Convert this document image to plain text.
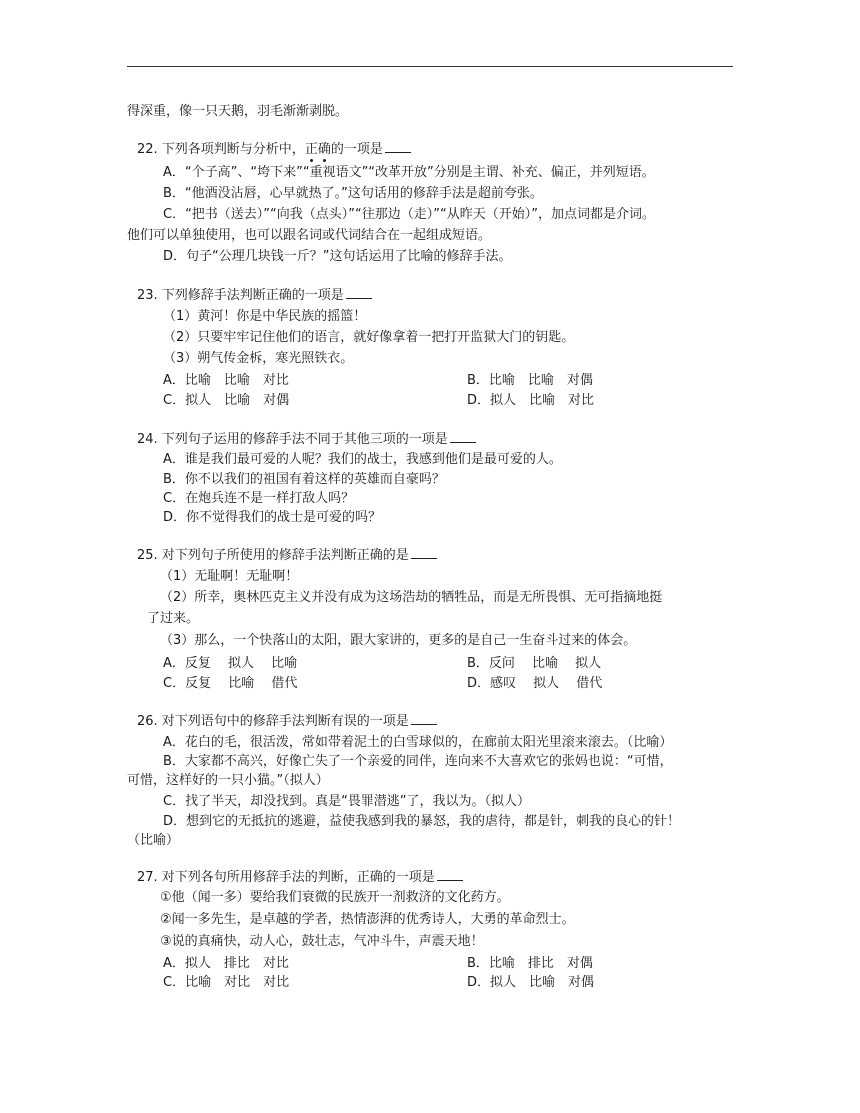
得深重，像一只天鹅，羽毛渐渐剥脱。
22. 下列各项判断与分析中，正确的一项是
A．“个子高”、“垮下来”“重视语文”“改革开放”分别是主谓、补充、偏正，并列短语。
B．“他酒没沾唇，心早就热了。”这句话用的修辞手法是超前夸张。
C．“把书（送去）”“向我（点头）”“往那边（走）”“从昨天（开始）”，加点词都是介词。
他们可以单独使用，也可以跟名词或代词结合在一起组成短语。
D．句子“公理几块钱一斤？”这句话运用了比喻的修辞手法。
23. 下列修辞手法判断正确的一项是
（1）黄河！你是中华民族的摇篮！
（2）只要牢牢记住他们的语言，就好像拿着一把打开监狱大门的钥匙。
（3）朔气传金柝，寒光照铁衣。
A．比喻　比喻　对比	B．比喻　比喻　对偶
C．拟人　比喻　对偶	D．拟人　比喻　对比
24. 下列句子运用的修辞手法不同于其他三项的一项是
A．谁是我们最可爱的人呢？我们的战士，我感到他们是最可爱的人。
B．你不以我们的祖国有着这样的英雄而自豪吗？
C．在炮兵连不是一样打敌人吗？
D．你不觉得我们的战士是可爱的吗？
25. 对下列句子所使用的修辞手法判断正确的是
（1）无耻啊！无耻啊！
（2）所幸，奥林匹克主义并没有成为这场浩劫的牺牲品，而是无所畏惧、无可指摘地挺
了过来。
（3）那么，一个快落山的太阳，跟大家讲的，更多的是自己一生奋斗过来的体会。
A．反复　 拟人　 比喻	B．反问　 比喻　 拟人
C．反复　 比喻　 借代	D．感叹　 拟人　 借代
26. 对下列语句中的修辞手法判断有误的一项是
A．花白的毛，很活泼，常如带着泥土的白雪球似的，在廊前太阳光里滚来滚去。（比喻）
B．大家都不高兴，好像亡失了一个亲爱的同伴，连向来不大喜欢它的张妈也说：“可惜，
可惜，这样好的一只小猫。”（拟人）
C．找了半天，却没找到。真是“畏罪潜逃”了，我以为。（拟人）
D．想到它的无抵抗的逃避，益使我感到我的暴怒，我的虐待，都是针，刺我的良心的针！
（比喻）
27. 对下列各句所用修辞手法的判断，正确的一项是
①他（闻一多）要给我们衰微的民族开一剂救济的文化药方。
②闻一多先生，是卓越的学者，热情澎湃的优秀诗人，大勇的革命烈士。
③说的真痛快，动人心，鼓壮志，气冲斗牛，声震天地！
A．拟人　排比　对比	B．比喻　排比　对偶
C．比喻　对比　对比	D．拟人　比喻　对偶
